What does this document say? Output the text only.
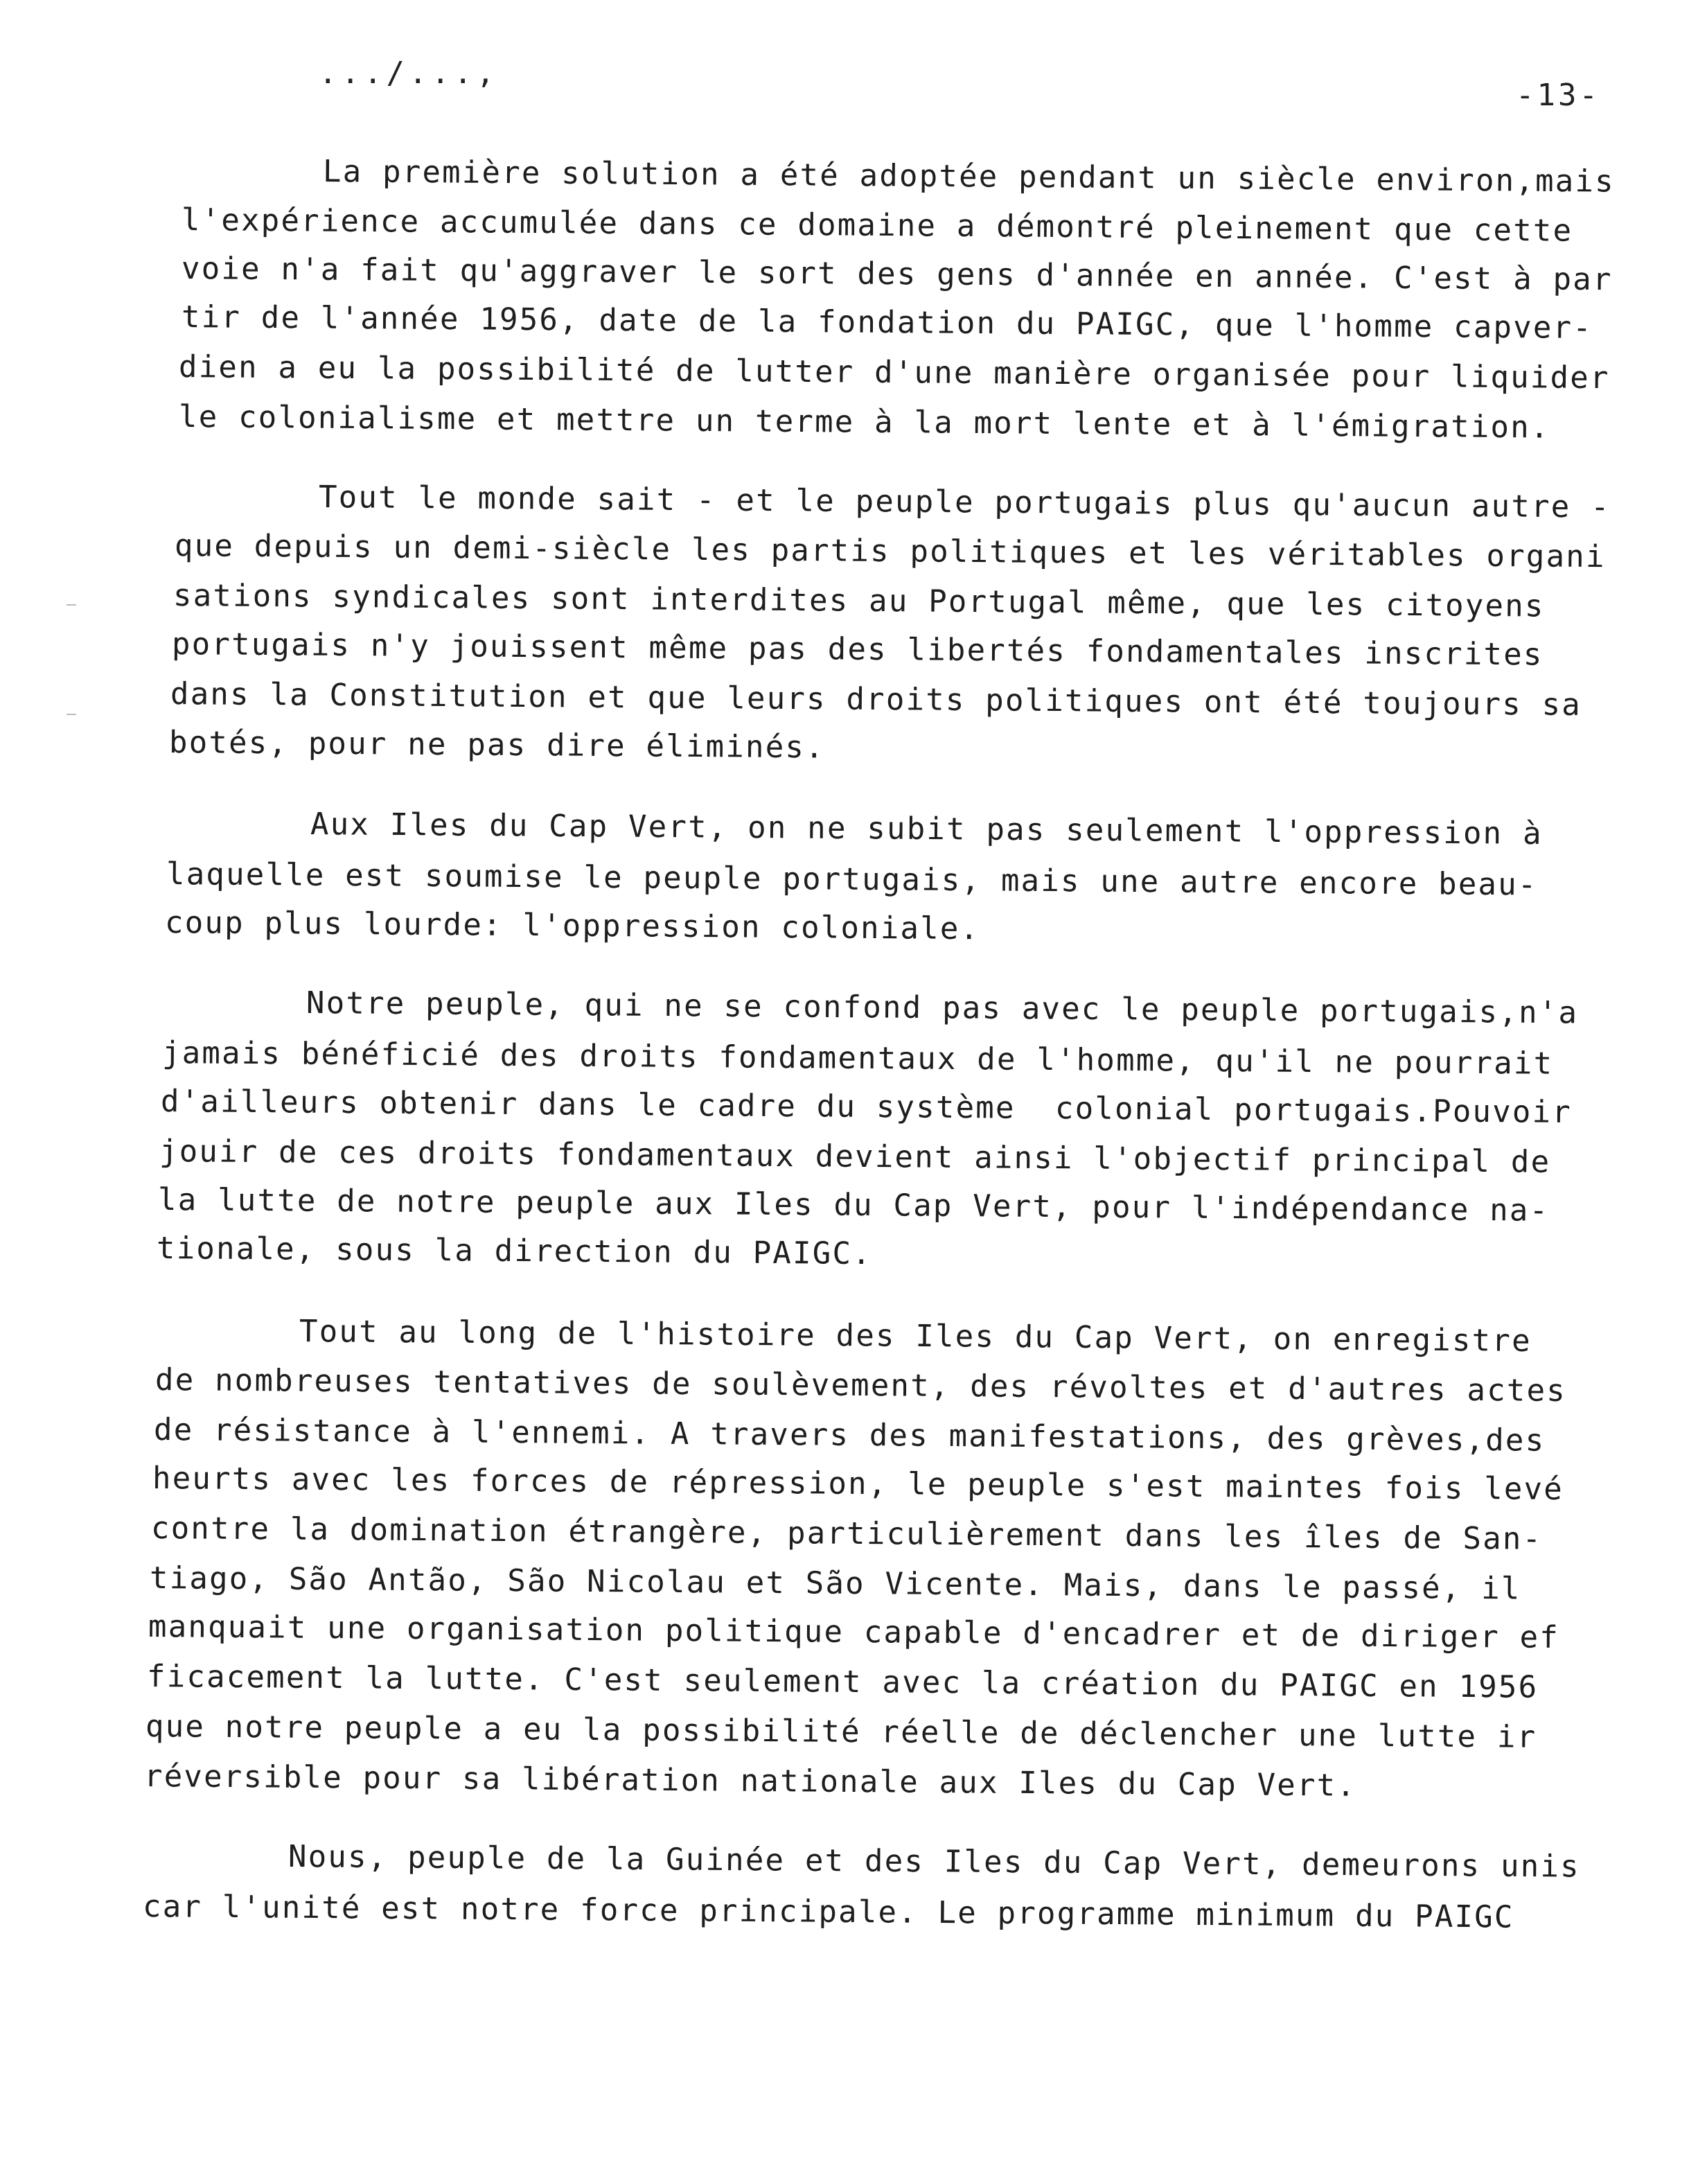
.../...,
-13-
La première solution a été adoptée pendant un siècle environ,mais
l'expérience accumulée dans ce domaine a démontré pleinement que cette
voie n'a fait qu'aggraver le sort des gens d'année en année. C'est à par
tir de l'année 1956, date de la fondation du PAIGC, que l'homme capver-
dien a eu la possibilité de lutter d'une manière organisée pour liquider
le colonialisme et mettre un terme à la mort lente et à l'émigration.
Tout le monde sait - et le peuple portugais plus qu'aucun autre -
que depuis un demi-siècle les partis politiques et les véritables organi
sations syndicales sont interdites au Portugal même, que les citoyens
portugais n'y jouissent même pas des libertés fondamentales inscrites
dans la Constitution et que leurs droits politiques ont été toujours sa
botés, pour ne pas dire éliminés.
Aux Iles du Cap Vert, on ne subit pas seulement l'oppression à
laquelle est soumise le peuple portugais, mais une autre encore beau-
coup plus lourde: l'oppression coloniale.
Notre peuple, qui ne se confond pas avec le peuple portugais,n'a
jamais bénéficié des droits fondamentaux de l'homme, qu'il ne pourrait
d'ailleurs obtenir dans le cadre du système  colonial portugais.Pouvoir
jouir de ces droits fondamentaux devient ainsi l'objectif principal de
la lutte de notre peuple aux Iles du Cap Vert, pour l'indépendance na-
tionale, sous la direction du PAIGC.
Tout au long de l'histoire des Iles du Cap Vert, on enregistre
de nombreuses tentatives de soulèvement, des révoltes et d'autres actes
de résistance à l'ennemi. A travers des manifestations, des grèves,des
heurts avec les forces de répression, le peuple s'est maintes fois levé
contre la domination étrangère, particulièrement dans les îles de San-
tiago, São Antão, São Nicolau et São Vicente. Mais, dans le passé, il
manquait une organisation politique capable d'encadrer et de diriger ef
ficacement la lutte. C'est seulement avec la création du PAIGC en 1956
que notre peuple a eu la possibilité réelle de déclencher une lutte ir
réversible pour sa libération nationale aux Iles du Cap Vert.
Nous, peuple de la Guinée et des Iles du Cap Vert, demeurons unis
car l'unité est notre force principale. Le programme minimum du PAIGC
